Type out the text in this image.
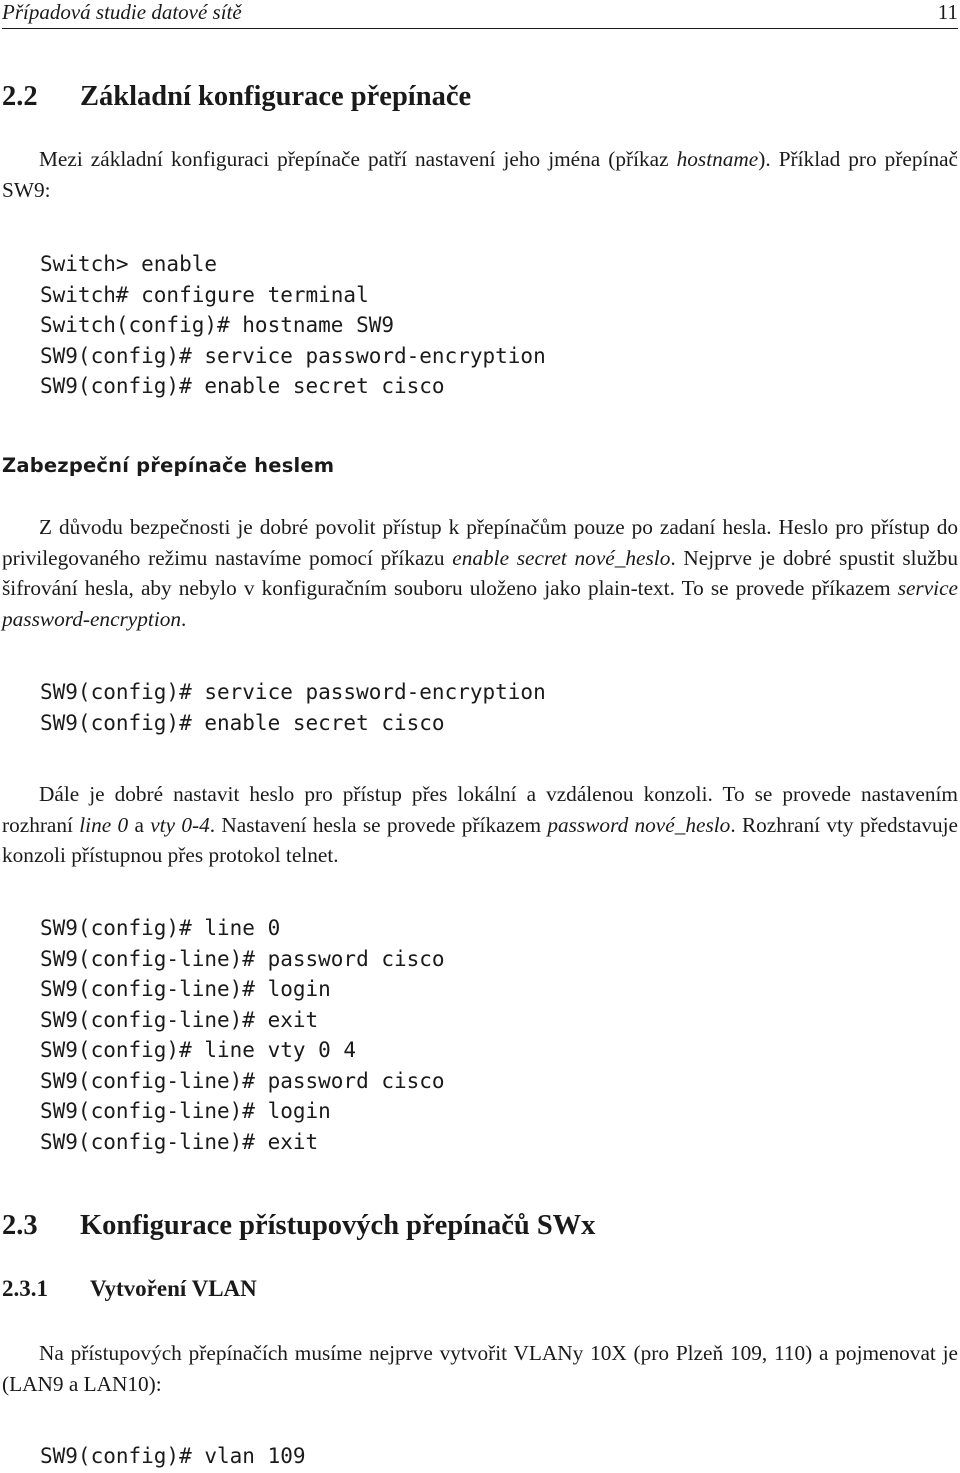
Případová studie datové sítě	11
2.2 Základní konfigurace přepínače
Mezi základní konfiguraci přepínače patří nastavení jeho jména (příkaz hostname). Příklad pro přepínač SW9:
Switch> enable
Switch# configure terminal
Switch(config)# hostname SW9
SW9(config)# service password-encryption
SW9(config)# enable secret cisco
Zabezpeční přepínače heslem
Z důvodu bezpečnosti je dobré povolit přístup k přepínačům pouze po zadaní hesla. Heslo pro přístup do privilegovaného režimu nastavíme pomocí příkazu enable secret nové_heslo. Nejprve je dobré spustit službu šifrování hesla, aby nebylo v konfiguračním souboru uloženo jako plain-text. To se provede příkazem service password-encryption.
SW9(config)# service password-encryption
SW9(config)# enable secret cisco
Dále je dobré nastavit heslo pro přístup přes lokální a vzdálenou konzoli. To se provede nastavením rozhraní line 0 a vty 0-4. Nastavení hesla se provede příkazem password nové_heslo. Rozhraní vty představuje konzoli přístupnou přes protokol telnet.
SW9(config)# line 0
SW9(config-line)# password cisco
SW9(config-line)# login
SW9(config-line)# exit
SW9(config)# line vty 0 4
SW9(config-line)# password cisco
SW9(config-line)# login
SW9(config-line)# exit
2.3 Konfigurace přístupových přepínačů SWx
2.3.1 Vytvoření VLAN
Na přístupových přepínačích musíme nejprve vytvořit VLANy 10X (pro Plzeň 109, 110) a pojmenovat je (LAN9 a LAN10):
SW9(config)# vlan 109
